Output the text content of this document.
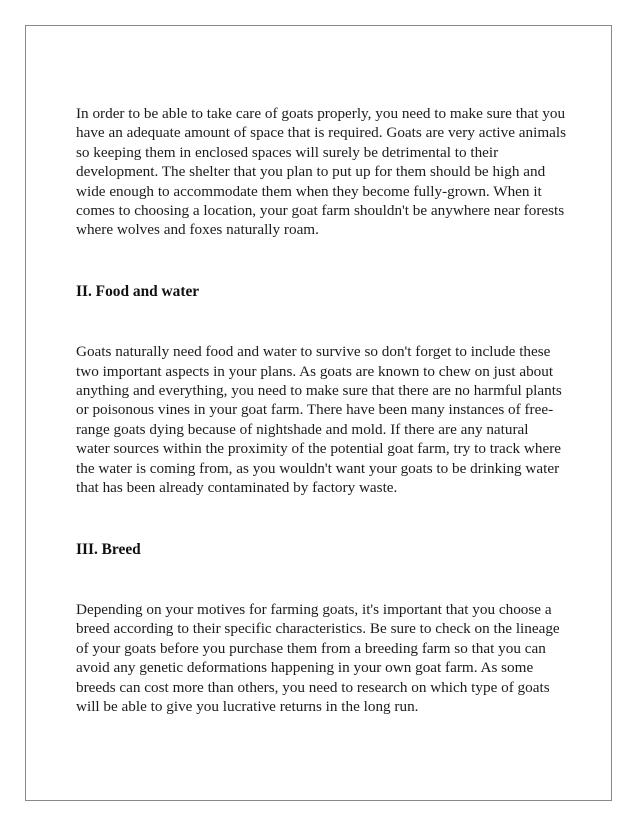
In order to be able to take care of goats properly, you need to make sure that you have an adequate amount of space that is required. Goats are very active animals so keeping them in enclosed spaces will surely be detrimental to their development. The shelter that you plan to put up for them should be high and wide enough to accommodate them when they become fully-grown. When it comes to choosing a location, your goat farm shouldn't be anywhere near forests where wolves and foxes naturally roam.

II. Food and water

Goats naturally need food and water to survive so don't forget to include these two important aspects in your plans. As goats are known to chew on just about anything and everything, you need to make sure that there are no harmful plants or poisonous vines in your goat farm. There have been many instances of free-range goats dying because of nightshade and mold. If there are any natural water sources within the proximity of the potential goat farm, try to track where the water is coming from, as you wouldn't want your goats to be drinking water that has been already contaminated by factory waste.

III. Breed

Depending on your motives for farming goats, it's important that you choose a breed according to their specific characteristics. Be sure to check on the lineage of your goats before you purchase them from a breeding farm so that you can avoid any genetic deformations happening in your own goat farm. As some breeds can cost more than others, you need to research on which type of goats will be able to give you lucrative returns in the long run.
